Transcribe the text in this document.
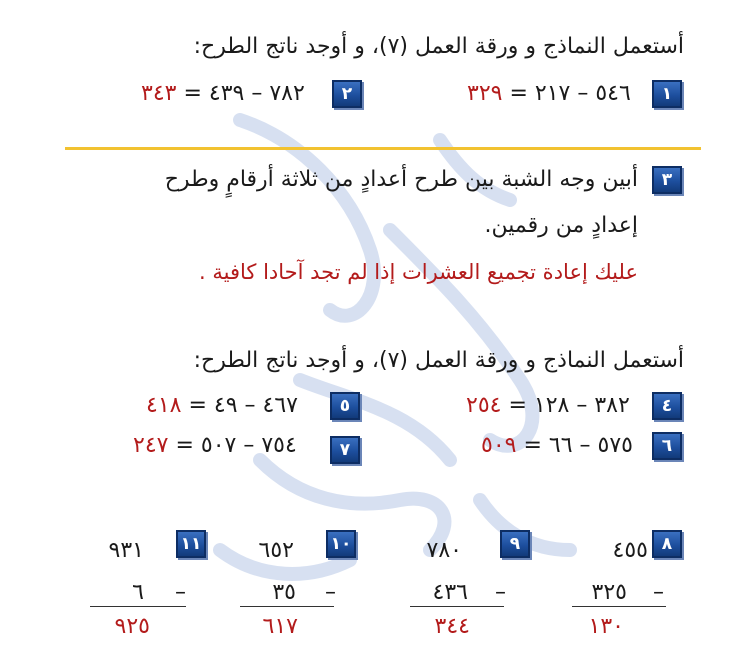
أستعمل النماذج و ورقة العمل (٧)، و أوجد ناتج الطرح:
١
٣٢٩ ٥٤٦ – ٢١٧ =
٢
٣٤٣ ٧٨٢ – ٤٣٩ =
٣
أبين وجه الشبة بين طرح أعدادٍ من ثلاثة أرقامٍ وطرح
إعدادٍ من رقمين.
عليك إعادة تجميع العشرات إذا لم تجد آحادا كافية .
أستعمل النماذج و ورقة العمل (٧)، و أوجد ناتج الطرح:
٤
٢٥٤ ٣٨٢ – ١٢٨ =
٥
٤١٨ ٤٦٧ – ٤٩ =
٦
٥٠٩ ٥٧٥ – ٦٦ =
٧
٢٤٧ ٧٥٤ – ٥٠٧ =
٨
٤٥٥
٣٢٥	–
١٣٠
٩
٧٨٠
٤٣٦	–
٣٤٤
١٠
٦٥٢
٣٥	–
٦١٧
١١
٩٣١
٦	–
٩٢٥
